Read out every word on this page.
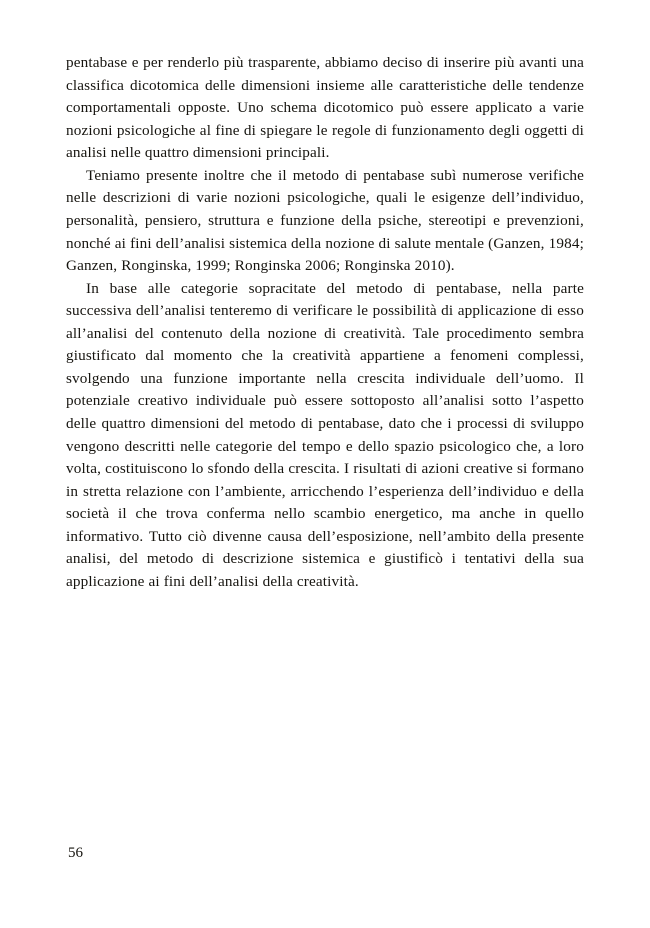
pentabase e per renderlo più trasparente, abbiamo deciso di inserire più avanti una classifica dicotomica delle dimensioni insieme alle caratteristiche delle tendenze comportamentali opposte. Uno schema dicotomico può essere applicato a varie nozioni psicologiche al fine di spiegare le regole di funzionamento degli oggetti di analisi nelle quattro dimensioni principali.

Teniamo presente inoltre che il metodo di pentabase subì numerose verifiche nelle descrizioni di varie nozioni psicologiche, quali le esigenze dell’individuo, personalità, pensiero, struttura e funzione della psiche, stereotipi e prevenzioni, nonché ai fini dell’analisi sistemica della nozione di salute mentale (Ganzen, 1984; Ganzen, Ronginska, 1999; Ronginska 2006; Ronginska 2010).

In base alle categorie sopracitate del metodo di pentabase, nella parte successiva dell’analisi tenteremo di verificare le possibilità di applicazione di esso all’analisi del contenuto della nozione di creatività. Tale procedimento sembra giustificato dal momento che la creatività appartiene a fenomeni complessi, svolgendo una funzione importante nella crescita individuale dell’uomo. Il potenziale creativo individuale può essere sottoposto all’analisi sotto l’aspetto delle quattro dimensioni del metodo di pentabase, dato che i processi di sviluppo vengono descritti nelle categorie del tempo e dello spazio psicologico che, a loro volta, costituiscono lo sfondo della crescita. I risultati di azioni creative si formano in stretta relazione con l’ambiente, arricchendo l’esperienza dell’individuo e della società il che trova conferma nello scambio energetico, ma anche in quello informativo. Tutto ciò divenne causa dell’esposizione, nell’ambito della presente analisi, del metodo di descrizione sistemica e giustificò i tentativi della sua applicazione ai fini dell’analisi della creatività.

56
